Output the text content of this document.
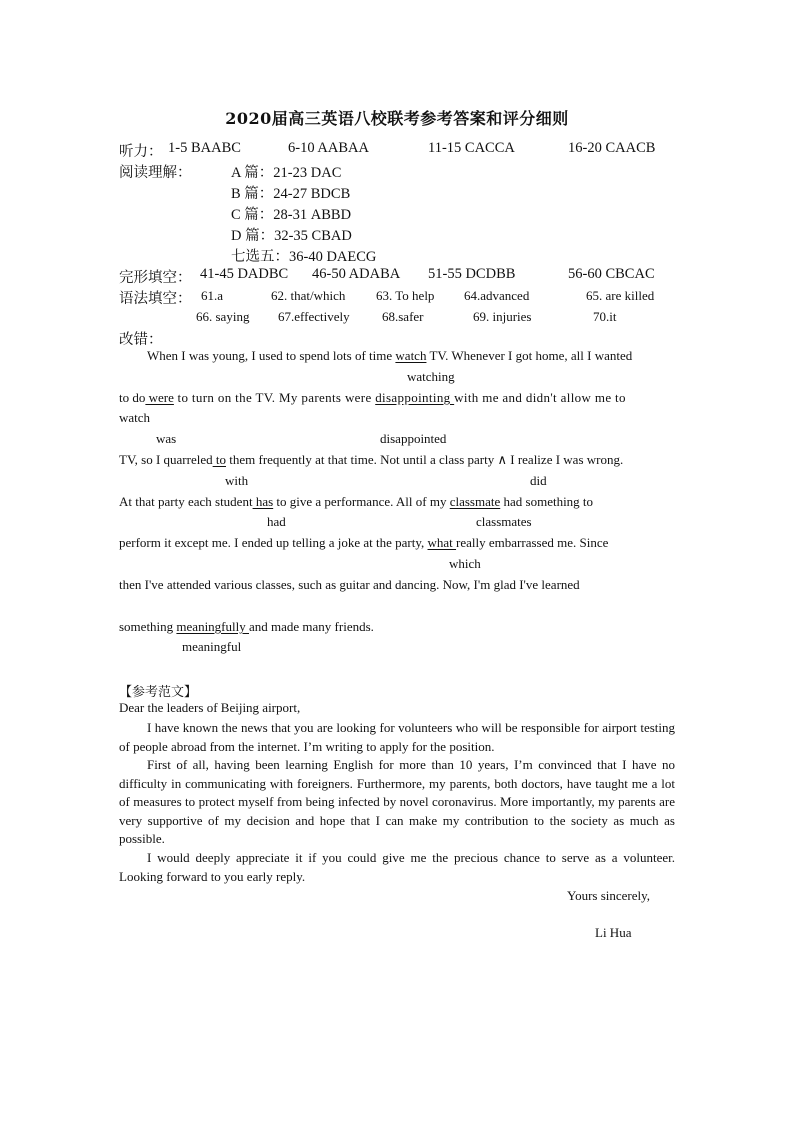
2020届高三英语八校联考参考答案和评分细则
听力： 1-5 BAABC	6-10 AABAA	11-15 CACCA	16-20 CAACB
阅读理解：	A 篇：21-23 DAC
B 篇：24-27 BDCB
C 篇：28-31 ABBD
D 篇：32-35 CBAD
七选五：36-40 DAECG
完形填空： 41-45 DADBC 46-50 ADABA 51-55 DCDBB	56-60 CBCAC
语法填空： 61.a	62. that/which 63. To help 64.advanced	65. are killed
66. saying 67.effectively 68.safer	69. injuries	70.it
改错：
When I was young, I used to spend lots of time watch TV. Whenever I got home, all I wanted
watching
to do were to turn on the TV. My parents were disappointing with me and didn't allow me to
watch
was	disappointed
TV, so I quarreled to them frequently at that time. Not until a class party ∧ I realize I was wrong.
with	did
At that party each student has to give a performance. All of my classmate had something to
had	classmates
perform it except me. I ended up telling a joke at the party, what really embarrassed me. Since
which
then I've attended various classes, such as guitar and dancing. Now, I'm glad I've learned
something meaningfully and made many friends.
meaningful
【参考范文】
Dear the leaders of Beijing airport,
I have known the news that you are looking for volunteers who will be responsible for airport testing of people abroad from the internet. I’m writing to apply for the position.
First of all, having been learning English for more than 10 years, I’m convinced that I have no difficulty in communicating with foreigners. Furthermore, my parents, both doctors, have taught me a lot of measures to protect myself from being infected by novel coronavirus. More importantly, my parents are very supportive of my decision and hope that I can make my contribution to the society as much as possible.
I would deeply appreciate it if you could give me the precious chance to serve as a volunteer. Looking forward to you early reply.
Yours sincerely,
Li Hua
